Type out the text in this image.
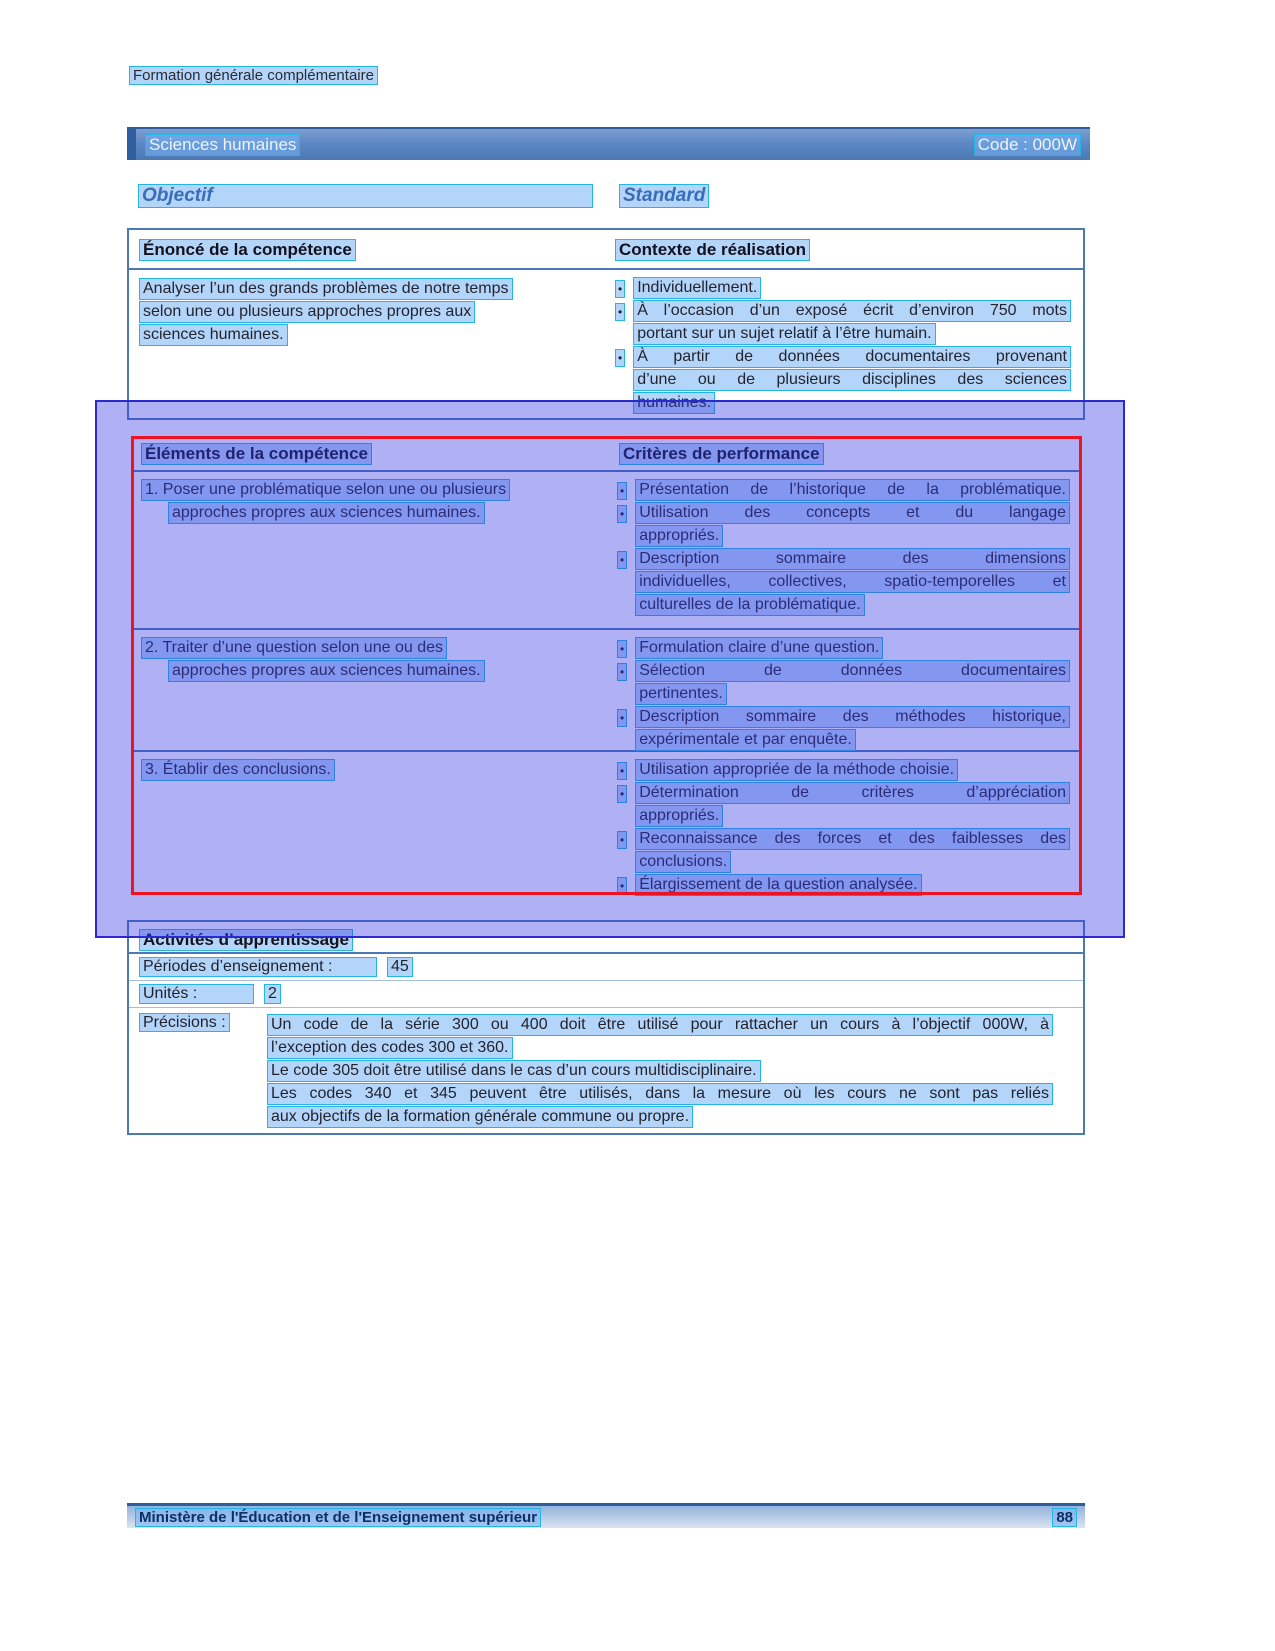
Formation générale complémentaire
Sciences humaines	Code : 000W
Objectif	Standard
Énoncé de la compétence	Contexte de réalisation
Analyser l’un des grands problèmes de notre temps
selon une ou plusieurs approches propres aux
sciences humaines.
• Individuellement.
• À l’occasion d’un exposé écrit d’environ 750 mots
portant sur un sujet relatif à l’être humain.
• À partir de données documentaires provenant
d’une ou de plusieurs disciplines des sciences
humaines.
Éléments de la compétence	Critères de performance
1. Poser une problématique selon une ou plusieurs
approches propres aux sciences humaines.
• Présentation de l’historique de la problématique.
• Utilisation des concepts et du langage
appropriés.
• Description sommaire des dimensions
individuelles, collectives, spatio-temporelles et
culturelles de la problématique.
2. Traiter d’une question selon une ou des
approches propres aux sciences humaines.
• Formulation claire d’une question.
• Sélection de données documentaires
pertinentes.
• Description sommaire des méthodes historique,
expérimentale et par enquête.
3. Établir des conclusions.	• Utilisation appropriée de la méthode choisie.
• Détermination de critères d’appréciation
appropriés.
• Reconnaissance des forces et des faiblesses des
conclusions.
• Élargissement de la question analysée.
Activités d’apprentissage
Périodes d’enseignement :	45
Unités :	2
Précisions :	Un code de la série 300 ou 400 doit être utilisé pour rattacher un cours à l’objectif 000W, à
l’exception des codes 300 et 360.
Le code 305 doit être utilisé dans le cas d’un cours multidisciplinaire.
Les codes 340 et 345 peuvent être utilisés, dans la mesure où les cours ne sont pas reliés
aux objectifs de la formation générale commune ou propre.
Ministère de l'Éducation et de l'Enseignement supérieur	88
